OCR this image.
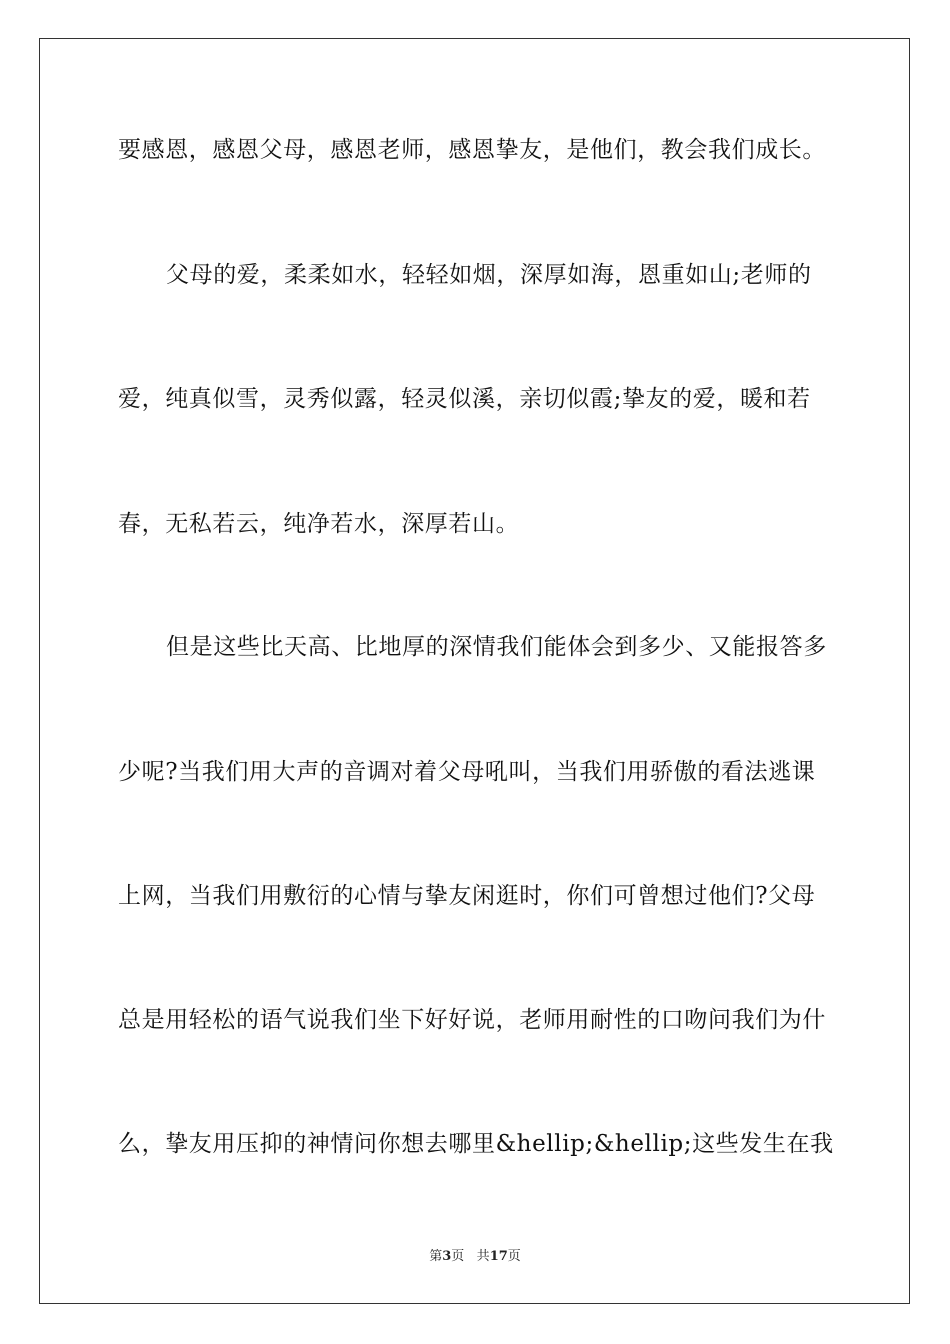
要感恩，感恩父母，感恩老师，感恩挚友，是他们，教会我们成长。
父母的爱，柔柔如水，轻轻如烟，深厚如海，恩重如山;老师的
爱，纯真似雪，灵秀似露，轻灵似溪，亲切似霞;挚友的爱，暖和若
春，无私若云，纯净若水，深厚若山。
但是这些比天高、比地厚的深情我们能体会到多少、又能报答多
少呢?当我们用大声的音调对着父母吼叫，当我们用骄傲的看法逃课
上网，当我们用敷衍的心情与挚友闲逛时，你们可曾想过他们?父母
总是用轻松的语气说我们坐下好好说，老师用耐性的口吻问我们为什
么，挚友用压抑的神情问你想去哪里&hellip;&hellip;这些发生在我
第3页 共17页
